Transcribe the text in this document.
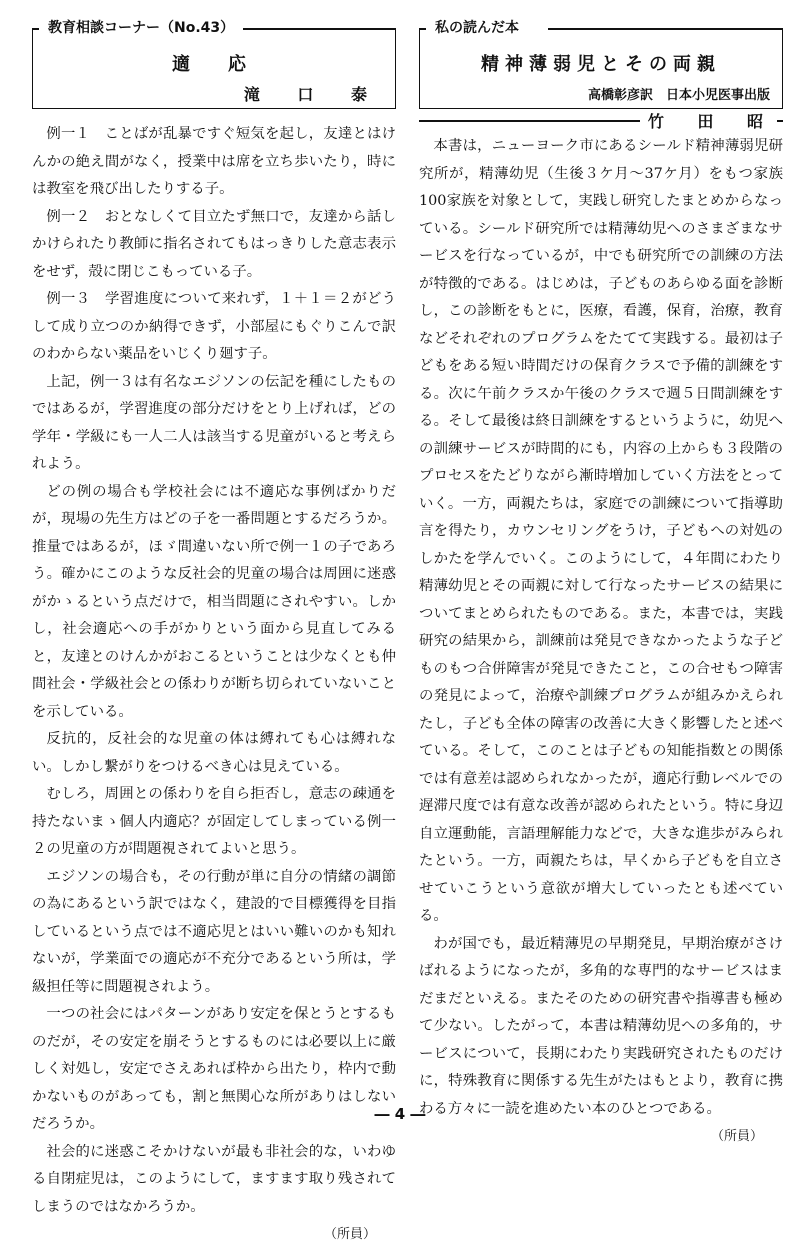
教育相談コーナー（No.43）
適　応
滝 口 泰

例一１　ことばが乱暴ですぐ短気を起し，友達とはけんかの絶え間がなく，授業中は席を立ち歩いたり，時には教室を飛び出したりする子。

例一２　おとなしくて目立たず無口で，友達から話しかけられたり教師に指名されてもはっきりした意志表示をせず，殻に閉じこもっている子。

例一３　学習進度について来れず，１＋１＝２がどうして成り立つのか納得できず，小部屋にもぐりこんで訳のわからない薬品をいじくり廻す子。

上記，例一３は有名なエジソンの伝記を種にしたものではあるが，学習進度の部分だけをとり上げれば，どの学年・学級にも一人二人は該当する児童がいると考えられよう。

どの例の場合も学校社会には不適応な事例ばかりだが，現場の先生方はどの子を一番問題とするだろうか。推量ではあるが，ほゞ間違いない所で例一１の子であろう。確かにこのような反社会的児童の場合は周囲に迷惑がかゝるという点だけで，相当問題にされやすい。しかし，社会適応への手がかりという面から見直してみると，友達とのけんかがおこるということは少なくとも仲間社会・学級社会との係わりが断ち切られていないことを示している。

反抗的，反社会的な児童の体は縛れても心は縛れない。しかし繋がりをつけるべき心は見えている。

むしろ，周囲との係わりを自ら拒否し，意志の疎通を持たないまゝ個人内適応？が固定してしまっている例一２の児童の方が問題視されてよいと思う。

エジソンの場合も，その行動が単に自分の情緒の調節の為にあるという訳ではなく，建設的で目標獲得を目指しているという点では不適応児とはいい難いのかも知れないが，学業面での適応が不充分であるという所は，学級担任等に問題視されよう。

一つの社会にはパターンがあり安定を保とうとするものだが，その安定を崩そうとするものには必要以上に厳しく対処し，安定でさえあれば枠から出たり，枠内で動かないものがあっても，割と無関心な所がありはしないだろうか。

社会的に迷惑こそかけないが最も非社会的な，いわゆる自閉症児は，このようにして，ますます取り残されてしまうのではなかろうか。

（所員）
私の読んだ本
精神薄弱児とその両親
高橋彰彦訳　日本小児医事出版
竹 田 昭

本書は，ニューヨーク市にあるシールド精神薄弱児研究所が，精薄幼児（生後３ケ月〜37ケ月）をもつ家族100家族を対象として，実践し研究したまとめからなっている。シールド研究所では精薄幼児へのさまざまなサービスを行なっているが，中でも研究所での訓練の方法が特徴的である。はじめは，子どものあらゆる面を診断し，この診断をもとに，医療，看護，保育，治療，教育などそれぞれのプログラムをたてて実践する。最初は子どもをある短い時間だけの保育クラスで予備的訓練をする。次に午前クラスか午後のクラスで週５日間訓練をする。そして最後は終日訓練をするというように，幼児への訓練サービスが時間的にも，内容の上からも３段階のプロセスをたどりながら漸時増加していく方法をとっていく。一方，両親たちは，家庭での訓練について指導助言を得たり，カウンセリングをうけ，子どもへの対処のしかたを学んでいく。このようにして，４年間にわたり精薄幼児とその両親に対して行なったサービスの結果についてまとめられたものである。また，本書では，実践研究の結果から，訓練前は発見できなかったような子どものもつ合併障害が発見できたこと，この合せもつ障害の発見によって，治療や訓練プログラムが組みかえられたし，子ども全体の障害の改善に大きく影響したと述べている。そして，このことは子どもの知能指数との関係では有意差は認められなかったが，適応行動レベルでの遅滞尺度では有意な改善が認められたという。特に身辺自立運動能，言語理解能力などで，大きな進歩がみられたという。一方，両親たちは，早くから子どもを自立させていこうという意欲が増大していったとも述べている。

わが国でも，最近精薄児の早期発見，早期治療がさけばれるようになったが，多角的な専門的なサービスはまだまだといえる。またそのための研究書や指導書も極めて少ない。したがって，本書は精薄幼児への多角的，サービスについて，長期にわたり実践研究されたものだけに，特殊教育に関係する先生がたはもとより，教育に携わる方々に一読を進めたい本のひとつである。

（所員）
― 4 ―
